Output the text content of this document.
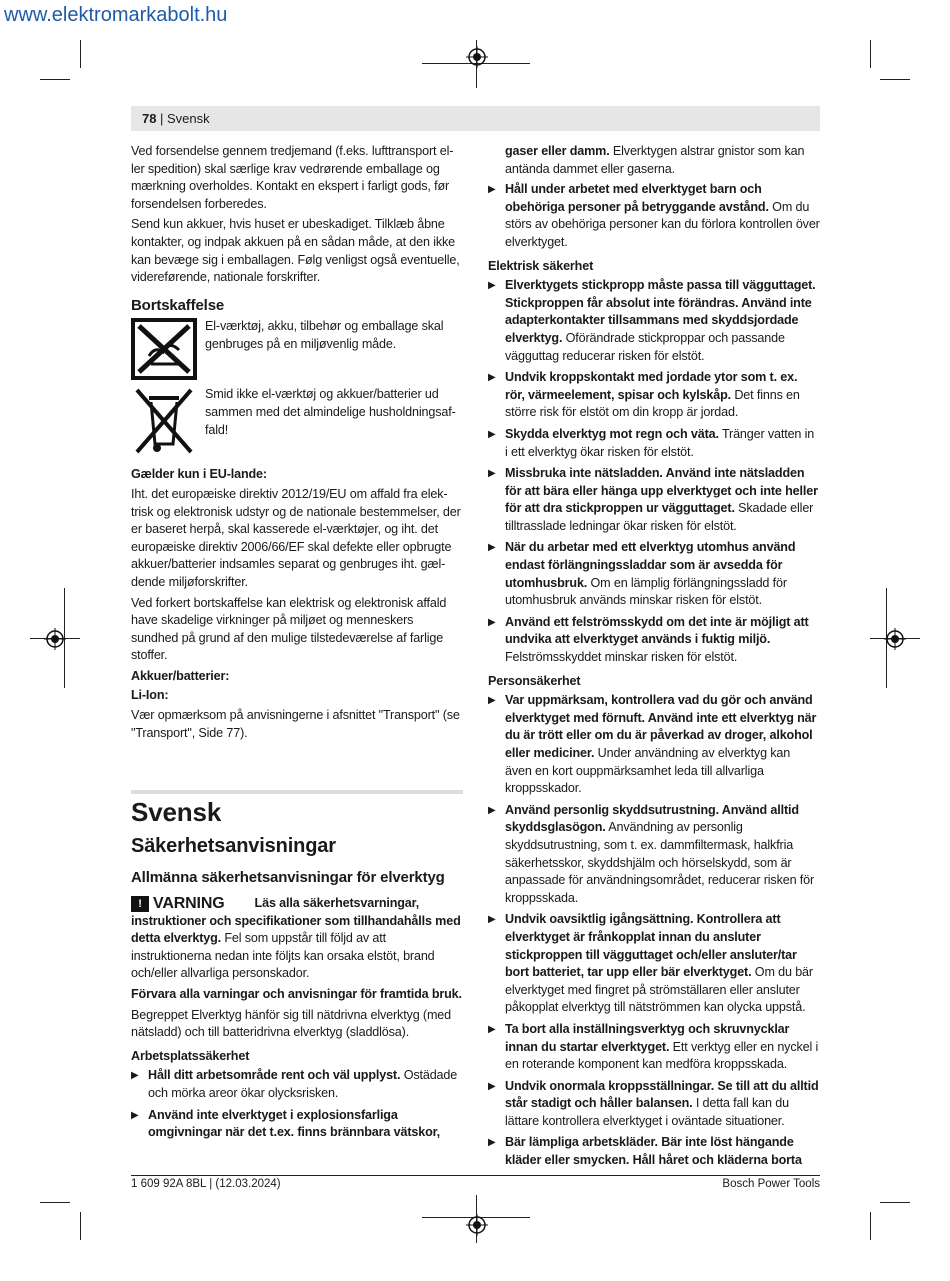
www.elektromarkabolt.hu
78 | Svensk

Ved forsendelse gennem tredjemand (f.eks. lufttransport el-ler spedition) skal særlige krav vedrørende emballage og mærkning overholdes. Kontakt en ekspert i farligt gods, før forsendelsen forberedes.

Send kun akkuer, hvis huset er ubeskadiget. Tilklæb åbne kontakter, og indpak akkuen på en sådan måde, at den ikke kan bevæge sig i emballagen. Følg venligst også eventuelle, videreførende, nationale forskrifter.

Bortskaffelse

El-værktøj, akku, tilbehør og emballage skal genbruges på en miljøvenlig måde.

Smid ikke el-værktøj og akkuer/batterier ud sammen med det almindelige husholdningsaf-fald!

Gælder kun i EU-lande:

Iht. det europæiske direktiv 2012/19/EU om affald fra elek-trisk og elektronisk udstyr og de nationale bestemmelser, der er baseret herpå, skal kasserede el-værktøjer, og iht. det europæiske direktiv 2006/66/EF skal defekte eller opbrugte akkuer/batterier indsamles separat og genbruges iht. gæl-dende miljøforskrifter.

Ved forkert bortskaffelse kan elektrisk og elektronisk affald have skadelige virkninger på miljøet og menneskers sundhed på grund af den mulige tilstedeværelse af farlige stoffer.

Akkuer/batterier:
Li-Ion:

Vær opmærksom på anvisningerne i afsnittet "Transport" (se "Transport", Side 77).

Svensk
Säkerhetsanvisningar
Allmänna säkerhetsanvisningar för elverktyg

! VARNING Läs alla säkerhetsvarningar, instruktioner och specifikationer som tillhandahålls med detta elverktyg. Fel som uppstår till följd av att instruktionerna nedan inte följts kan orsaka elstöt, brand och/eller allvarliga personskador.

Förvara alla varningar och anvisningar för framtida bruk.

Begreppet Elverktyg hänför sig till nätdrivna elverktyg (med nätsladd) och till batteridrivna elverktyg (sladdlösa).

Arbetsplatssäkerhet
▶ Håll ditt arbetsområde rent och väl upplyst. Ostädade och mörka areor ökar olycksrisken.
▶ Använd inte elverktyget i explosionsfarliga omgivningar när det t.ex. finns brännbara vätskor,

gaser eller damm. Elverktygen alstrar gnistor som kan antända dammet eller gaserna.

▶ Håll under arbetet med elverktyget barn och obehöriga personer på betryggande avstånd. Om du störs av obehöriga personer kan du förlora kontrollen över elverktyget.
Elektrisk säkerhet
▶ Elverktygets stickpropp måste passa till vägguttaget. Stickproppen får absolut inte förändras. Använd inte adapterkontakter tillsammans med skyddsjordade elverktyg. Oförändrade stickproppar och passande vägguttag reducerar risken för elstöt.
▶ Undvik kroppskontakt med jordade ytor som t. ex. rör, värmeelement, spisar och kylskåp. Det finns en större risk för elstöt om din kropp är jordad.
▶ Skydda elverktyg mot regn och väta. Tränger vatten in i ett elverktyg ökar risken för elstöt.
▶ Missbruka inte nätsladden. Använd inte nätsladden för att bära eller hänga upp elverktyget och inte heller för att dra stickproppen ur vägguttaget. Skadade eller tilltrasslade ledningar ökar risken för elstöt.
▶ När du arbetar med ett elverktyg utomhus använd endast förlängningssladdar som är avsedda för utomhusbruk. Om en lämplig förlängningssladd för utomhusbruk används minskar risken för elstöt.
▶ Använd ett felströmsskydd om det inte är möjligt att undvika att elverktyget används i fuktig miljö. Felströmsskyddet minskar risken för elstöt.
Personsäkerhet
▶ Var uppmärksam, kontrollera vad du gör och använd elverktyget med förnuft. Använd inte ett elverktyg när du är trött eller om du är påverkad av droger, alkohol eller mediciner. Under användning av elverktyg kan även en kort ouppmärksamhet leda till allvarliga kroppsskador.
▶ Använd personlig skyddsutrustning. Använd alltid skyddsglasögon. Användning av personlig skyddsutrustning, som t. ex. dammfiltermask, halkfria säkerhetsskor, skyddshjälm och hörselskydd, som är anpassade för användningsområdet, reducerar risken för kroppsskada.
▶ Undvik oavsiktlig igångsättning. Kontrollera att elverktyget är frånkopplat innan du ansluter stickproppen till vägguttaget och/eller ansluter/tar bort batteriet, tar upp eller bär elverktyget. Om du bär elverktyget med fingret på strömställaren eller ansluter påkopplat elverktyg till nätströmmen kan olycka uppstå.
▶ Ta bort alla inställningsverktyg och skruvnycklar innan du startar elverktyget. Ett verktyg eller en nyckel i en roterande komponent kan medföra kroppsskada.
▶ Undvik onormala kroppsställningar. Se till att du alltid står stadigt och håller balansen. I detta fall kan du lättare kontrollera elverktyget i oväntade situationer.
▶ Bär lämpliga arbetskläder. Bär inte löst hängande kläder eller smycken. Håll håret och kläderna borta
1 609 92A 8BL | (12.03.2024)	Bosch Power Tools
